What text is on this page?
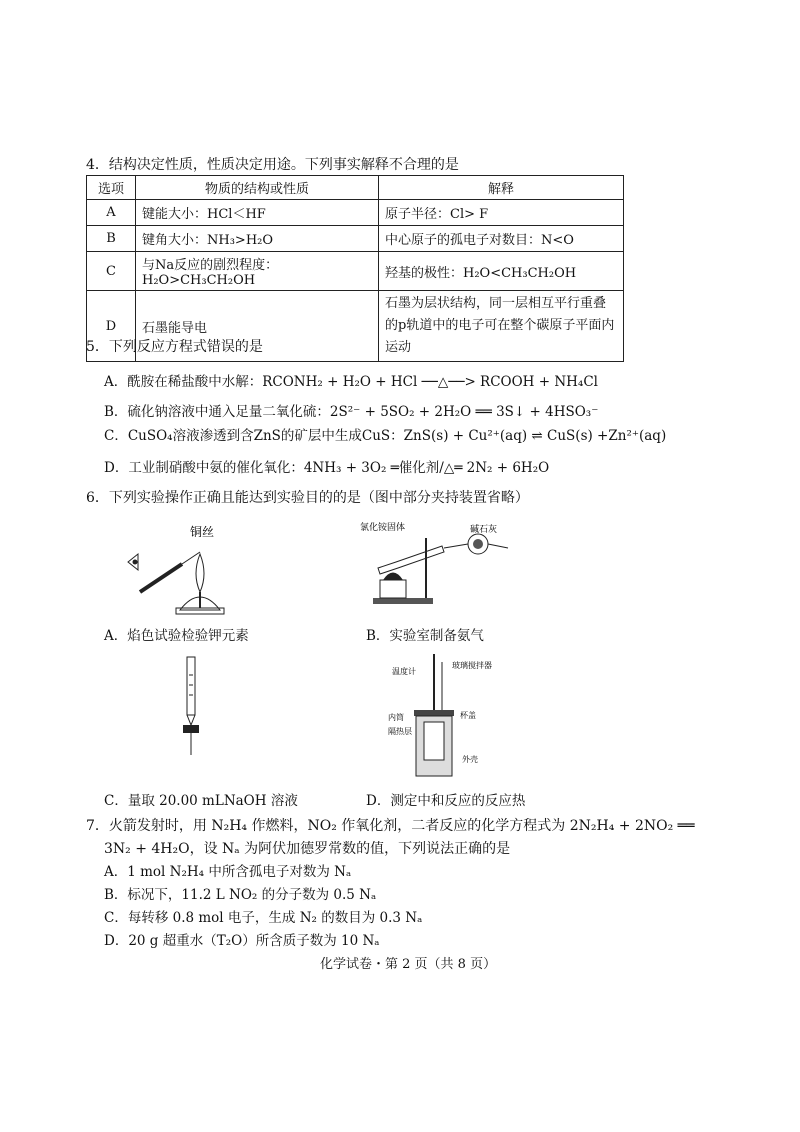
4．结构决定性质，性质决定用途。下列事实解释不合理的是
选项	物质的结构或性质	解释
A	键能大小：HCl＜HF	原子半径：Cl> F
B	键角大小：NH₃>H₂O	中心原子的孤电子对数目：N<O
C	与Na反应的剧烈程度：H₂O>CH₃CH₂OH	羟基的极性：H₂O<CH₃CH₂OH
D	石墨能导电	石墨为层状结构，同一层相互平行重叠的p轨道中的电子可在整个碳原子平面内运动
5．下列反应方程式错误的是
A．酰胺在稀盐酸中水解：RCONH₂ + H₂O + HCl ──△──> RCOOH + NH₄Cl
B．硫化钠溶液中通入足量二氧化硫：2S²⁻ + 5SO₂ + 2H₂O ══ 3S↓ + 4HSO₃⁻
C．CuSO₄溶液渗透到含ZnS的矿层中生成CuS：ZnS(s) + Cu²⁺(aq) ⇌ CuS(s) +Zn²⁺(aq)
D．工业制硝酸中氨的催化氧化：4NH₃ + 3O₂ ═催化剂/△═ 2N₂ + 6H₂O
6．下列实验操作正确且能达到实验目的的是（图中部分夹持装置省略）
铜丝	氯化铵固体	碱石灰
A．焰色试验检验钾元素	B．实验室制备氨气
温度计
玻璃搅拌器
内筒	杯盖
隔热层
外壳
C．量取 20.00 mLNaOH 溶液	D．测定中和反应的反应热
7．火箭发射时，用 N₂H₄ 作燃料，NO₂ 作氧化剂，二者反应的化学方程式为 2N₂H₄ + 2NO₂ ══
3N₂ + 4H₂O，设 Nₐ 为阿伏加德罗常数的值，下列说法正确的是
A．1 mol N₂H₄ 中所含孤电子对数为 Nₐ
B．标况下，11.2 L NO₂ 的分子数为 0.5 Nₐ
C．每转移 0.8 mol 电子，生成 N₂ 的数目为 0.3 Nₐ
D．20 g 超重水（T₂O）所含质子数为 10 Nₐ
化学试卷・第 2 页（共 8 页）
